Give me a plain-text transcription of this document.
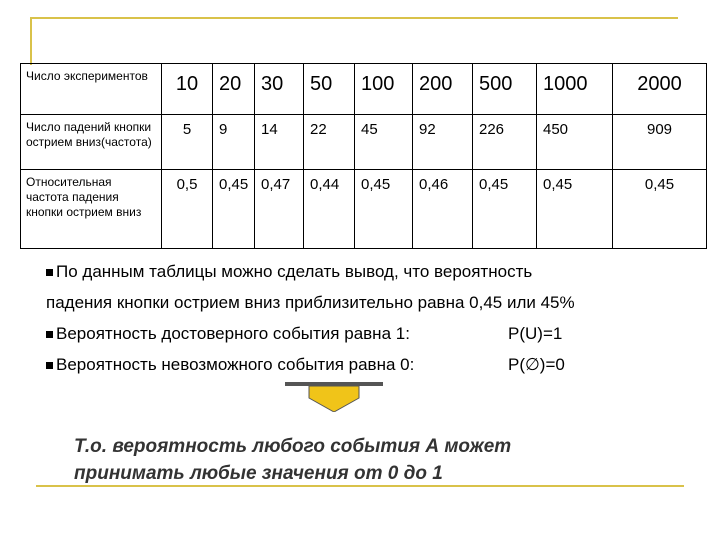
Число экспериментов	10	20	30	50	100	200	500	1000	2000
Число падений кнопки острием вниз(частота)	5	9	14	22	45	92	226	450	909
Относительная частота падения кнопки острием вниз	0,5	0,45	0,47	0,44	0,45	0,46	0,45	0,45	0,45
По данным таблицы можно сделать вывод, что вероятность
падения кнопки острием вниз приблизительно равна 0,45 или 45%
Вероятность достоверного события равна 1:	P(U)=1
Вероятность невозможного события равна 0:	P(∅)=0
Т.о. вероятность любого события А может
принимать любые значения от 0 до 1
